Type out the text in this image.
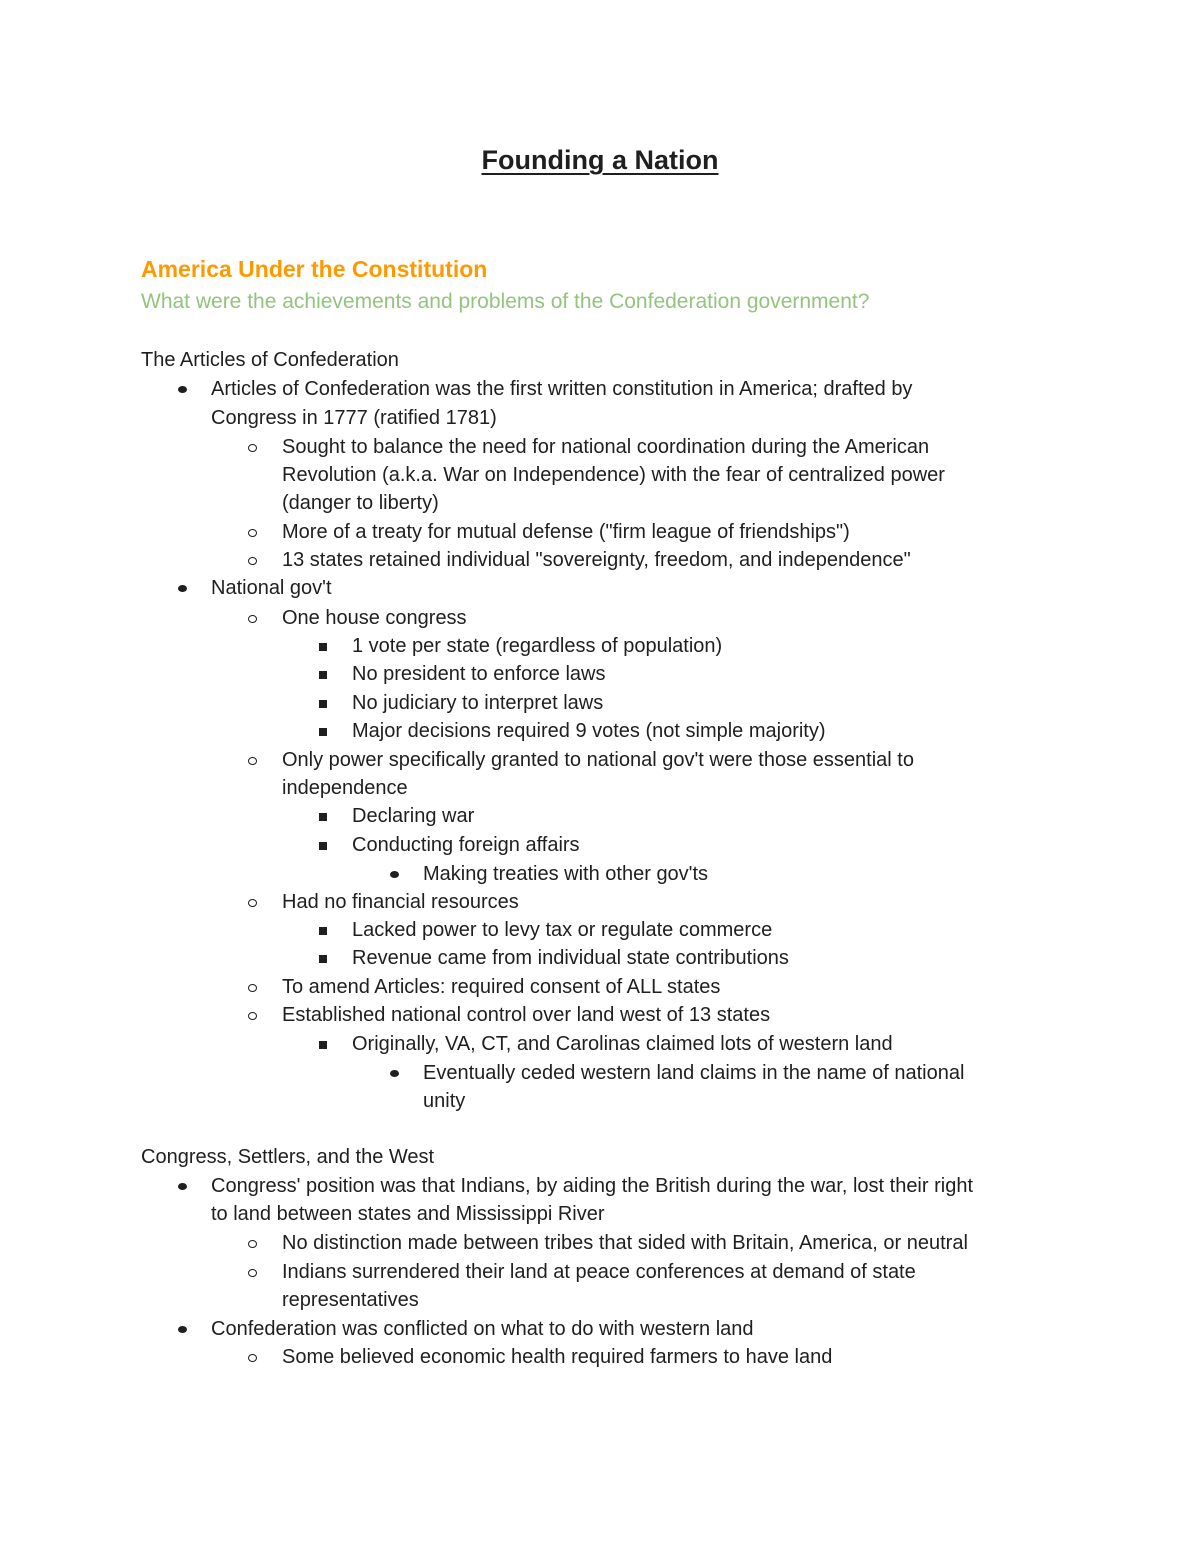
Founding a Nation
America Under the Constitution

What were the achievements and problems of the Confederation government?

The Articles of Confederation

Articles of Confederation was the first written constitution in America; drafted by

Congress in 1777 (ratified 1781)

Sought to balance the need for national coordination during the American

Revolution (a.k.a. War on Independence) with the fear of centralized power

(danger to liberty)

More of a treaty for mutual defense ("firm league of friendships")

13 states retained individual "sovereignty, freedom, and independence"

National gov't

One house congress

1 vote per state (regardless of population)

No president to enforce laws

No judiciary to interpret laws

Major decisions required 9 votes (not simple majority)

Only power specifically granted to national gov't were those essential to

independence

Declaring war

Conducting foreign affairs

Making treaties with other gov'ts

Had no financial resources

Lacked power to levy tax or regulate commerce

Revenue came from individual state contributions

To amend Articles: required consent of ALL states

Established national control over land west of 13 states

Originally, VA, CT, and Carolinas claimed lots of western land

Eventually ceded western land claims in the name of national

unity

Congress, Settlers, and the West

Congress' position was that Indians, by aiding the British during the war, lost their right

to land between states and Mississippi River

No distinction made between tribes that sided with Britain, America, or neutral

Indians surrendered their land at peace conferences at demand of state

representatives

Confederation was conflicted on what to do with western land

Some believed economic health required farmers to have land
